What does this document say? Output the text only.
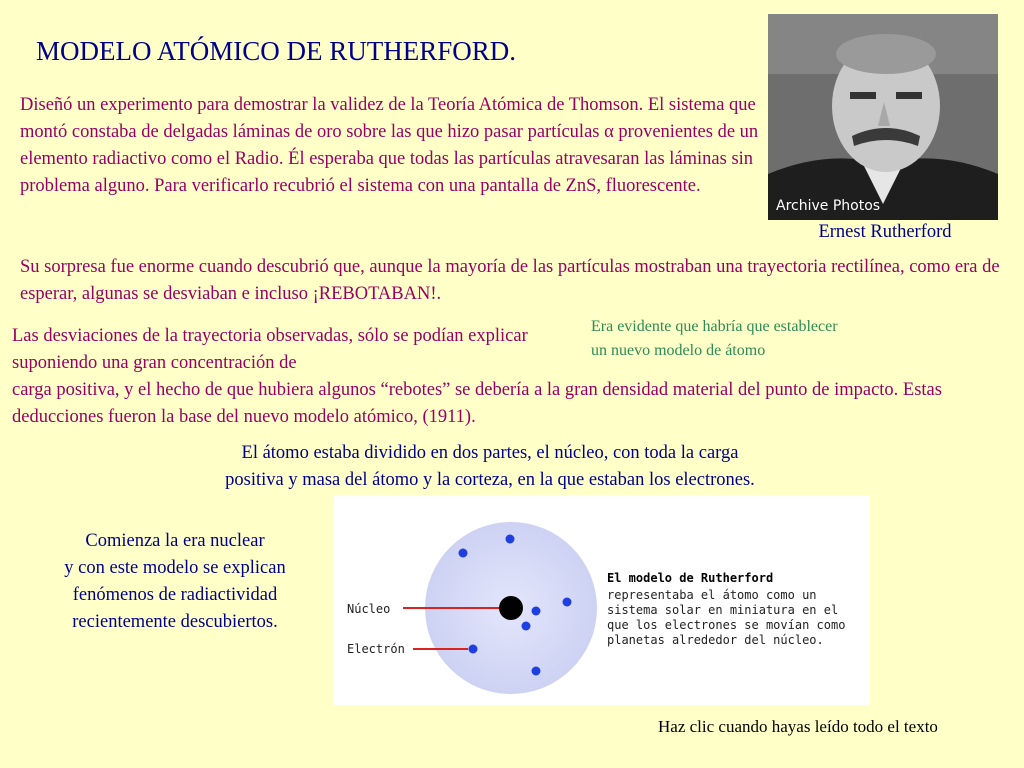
MODELO ATÓMICO DE RUTHERFORD.
Diseñó un experimento para demostrar la validez de la Teoría Atómica de Thomson. El sistema que montó constaba de delgadas láminas de oro sobre las que hizo pasar partículas α provenientes de un elemento radiactivo como el Radio. Él esperaba que todas las partículas atravesaran las láminas sin problema alguno. Para verificarlo recubrió el sistema con una pantalla de ZnS, fluorescente.
Archive Photos
Ernest Rutherford
Su sorpresa fue enorme cuando descubrió que, aunque la mayoría de las partículas mostraban una trayectoria rectilínea, como era de esperar, algunas se desviaban e incluso ¡REBOTABAN!.
Las desviaciones de la trayectoria observadas, sólo se podían explicar suponiendo una gran concentración de
carga positiva, y el hecho de que hubiera algunos “rebotes” se debería a la gran densidad material del punto de impacto. Estas deducciones fueron la base del nuevo modelo atómico, (1911).
Era evidente que habría que establecer
un nuevo modelo de átomo
El átomo estaba dividido en dos partes, el núcleo, con toda la carga
positiva y masa del átomo y la corteza, en la que estaban los electrones.
Comienza la era nuclear
y con este modelo se explican
fenómenos de radiactividad
recientemente descubiertos.
Núcleo
Electrón
El modelo de Rutherford
representaba el átomo como un
sistema solar en miniatura en el
que los electrones se movían como
planetas alrededor del núcleo.
Haz clic cuando hayas leído todo el texto
